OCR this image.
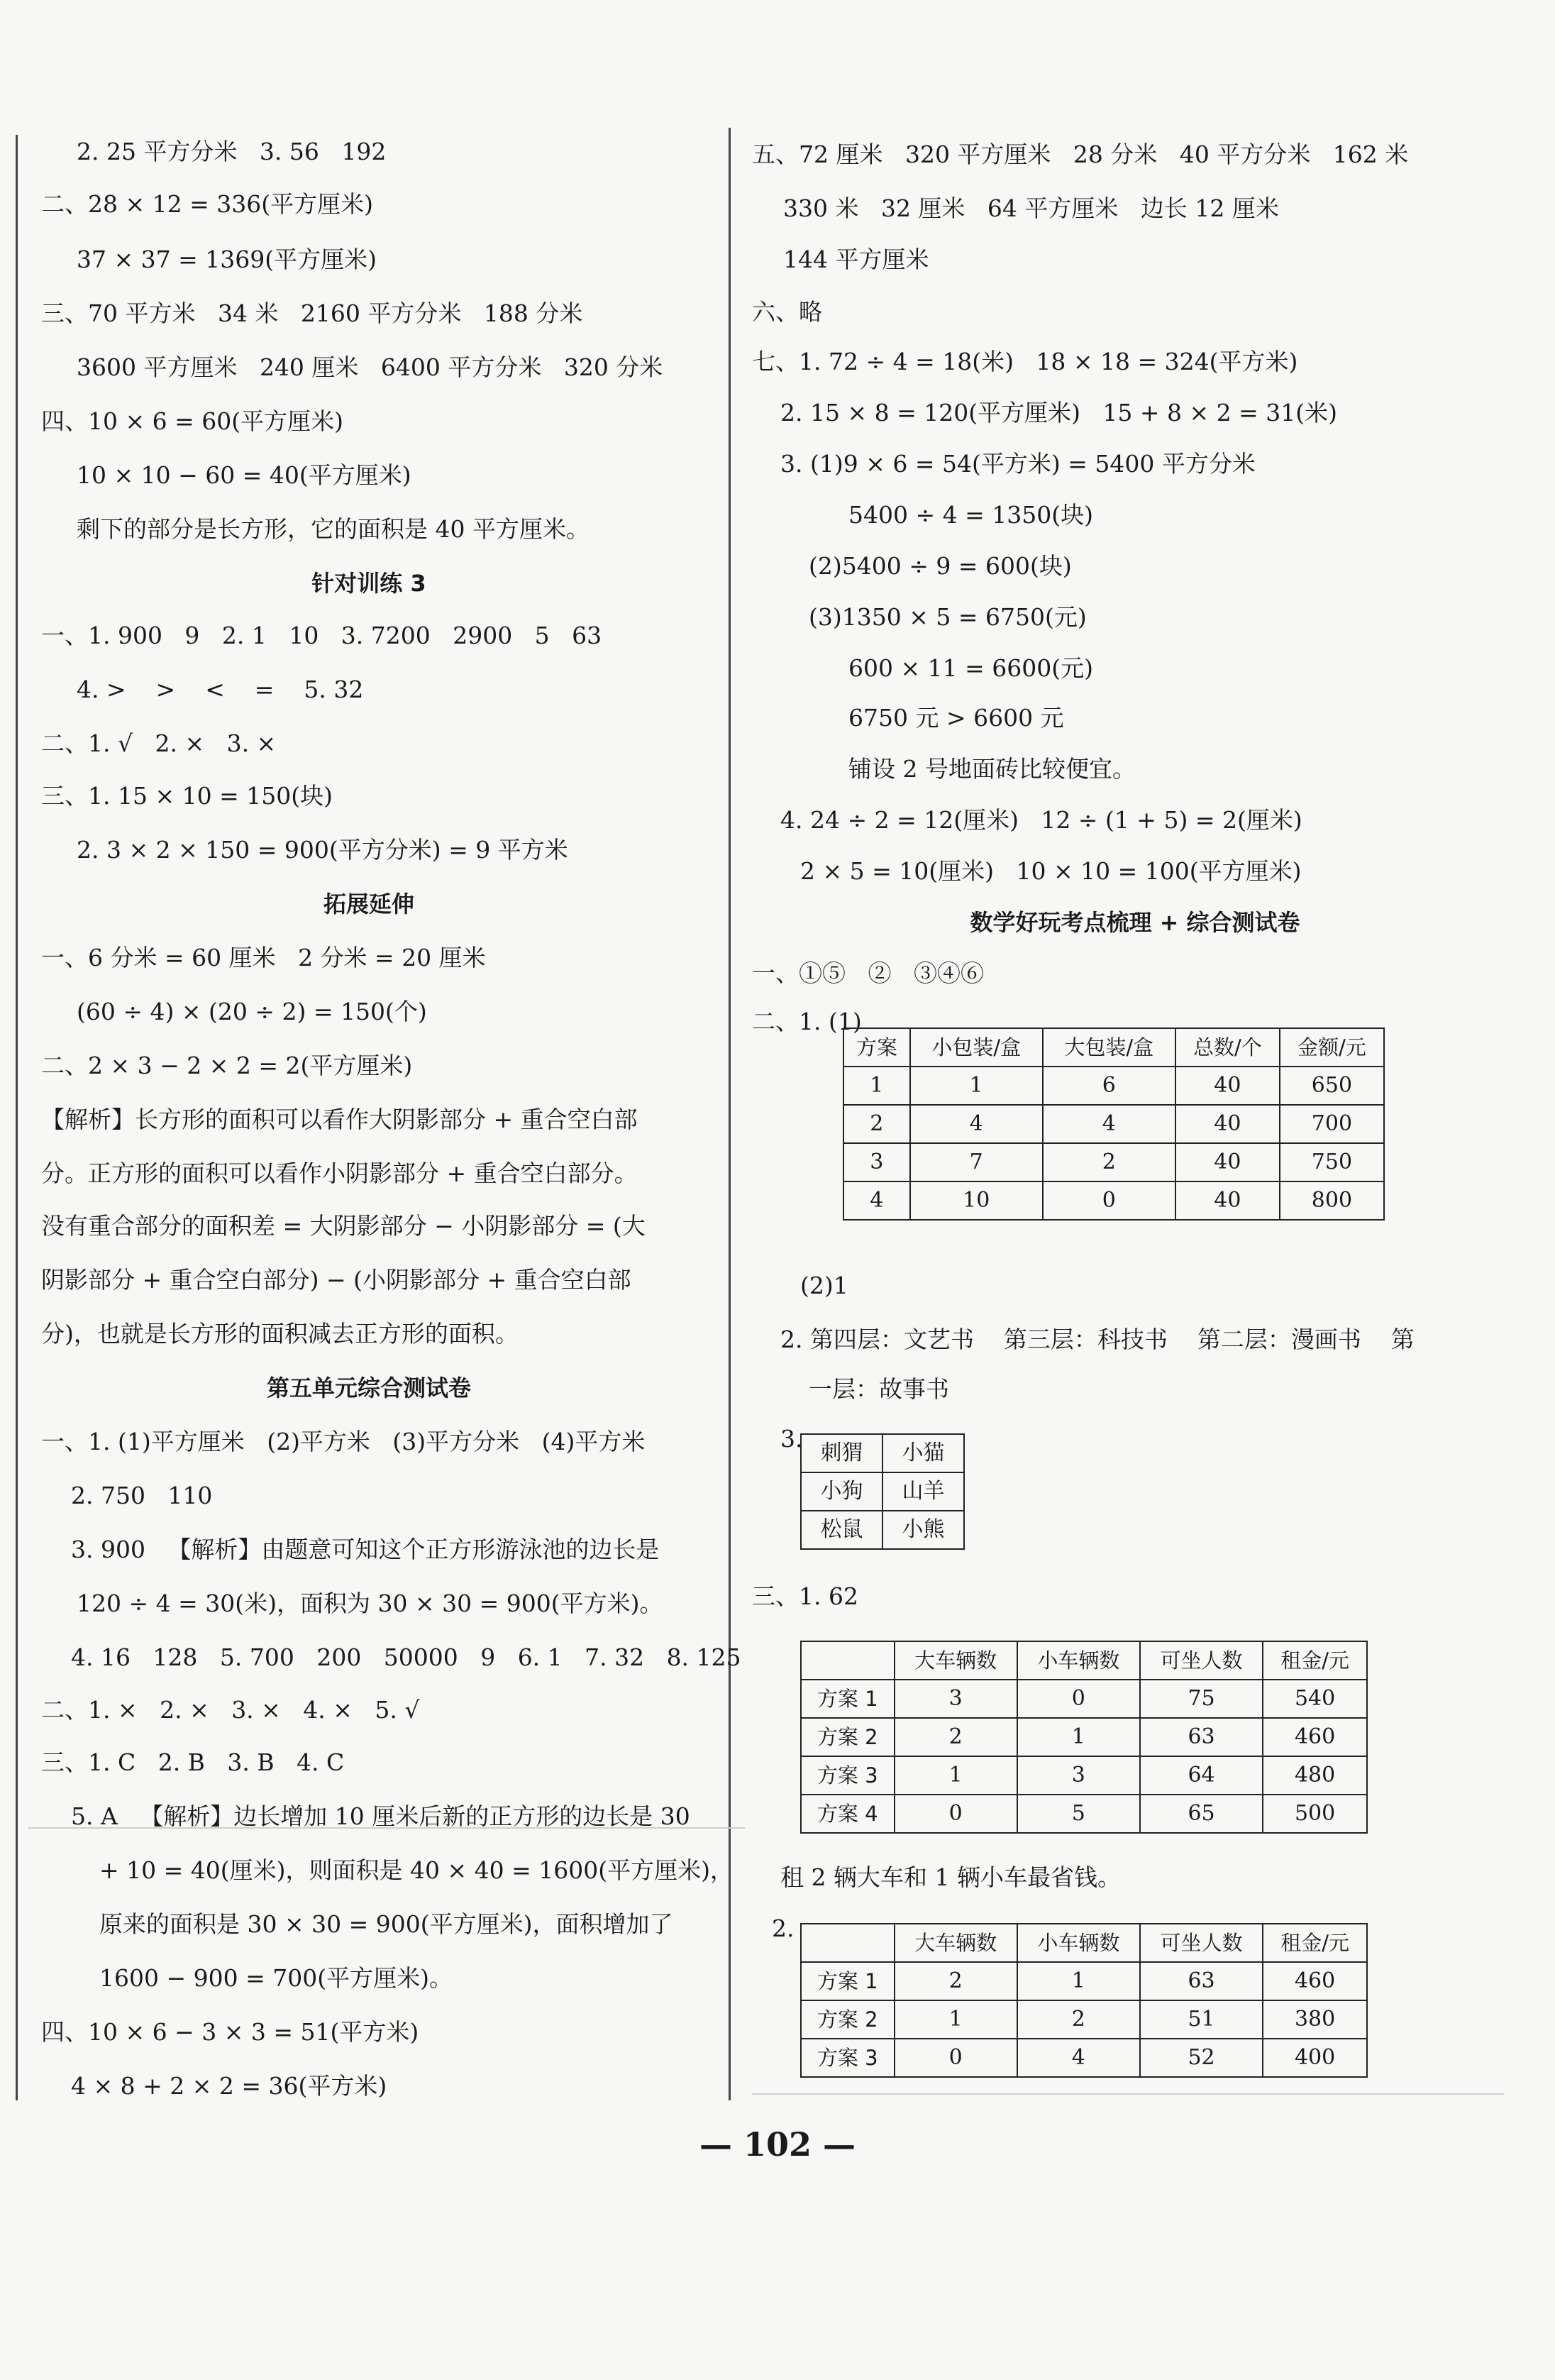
2. 25 平方分米   3. 56   192
二、28 × 12 = 336(平方厘米)
37 × 37 = 1369(平方厘米)
三、70 平方米   34 米   2160 平方分米   188 分米
3600 平方厘米   240 厘米   6400 平方分米   320 分米
四、10 × 6 = 60(平方厘米)
10 × 10 − 60 = 40(平方厘米)
剩下的部分是长方形，它的面积是 40 平方厘米。
针对训练 3
一、1. 900   9   2. 1   10   3. 7200   2900   5   63
4. >    >    <    =    5. 32
二、1. √   2. ×   3. ×
三、1. 15 × 10 = 150(块)
2. 3 × 2 × 150 = 900(平方分米) = 9 平方米
拓展延伸
一、6 分米 = 60 厘米   2 分米 = 20 厘米
(60 ÷ 4) × (20 ÷ 2) = 150(个)
二、2 × 3 − 2 × 2 = 2(平方厘米)
【解析】长方形的面积可以看作大阴影部分 + 重合空白部
分。正方形的面积可以看作小阴影部分 + 重合空白部分。
没有重合部分的面积差 = 大阴影部分 − 小阴影部分 = (大
阴影部分 + 重合空白部分) − (小阴影部分 + 重合空白部
分)，也就是长方形的面积减去正方形的面积。
第五单元综合测试卷
一、1. (1)平方厘米   (2)平方米   (3)平方分米   (4)平方米
2. 750   110
3. 900   【解析】由题意可知这个正方形游泳池的边长是
120 ÷ 4 = 30(米)，面积为 30 × 30 = 900(平方米)。
4. 16   128   5. 700   200   50000   9   6. 1   7. 32   8. 125
二、1. ×   2. ×   3. ×   4. ×   5. √
三、1. C   2. B   3. B   4. C
5. A   【解析】边长增加 10 厘米后新的正方形的边长是 30
+ 10 = 40(厘米)，则面积是 40 × 40 = 1600(平方厘米)，
原来的面积是 30 × 30 = 900(平方厘米)，面积增加了
1600 − 900 = 700(平方厘米)。
四、10 × 6 − 3 × 3 = 51(平方米)
4 × 8 + 2 × 2 = 36(平方米)
五、72 厘米   320 平方厘米   28 分米   40 平方分米   162 米
330 米   32 厘米   64 平方厘米   边长 12 厘米
144 平方厘米
六、略
七、1. 72 ÷ 4 = 18(米)   18 × 18 = 324(平方米)
2. 15 × 8 = 120(平方厘米)   15 + 8 × 2 = 31(米)
3. (1)9 × 6 = 54(平方米) = 5400 平方分米
5400 ÷ 4 = 1350(块)
(2)5400 ÷ 9 = 600(块)
(3)1350 × 5 = 6750(元)
600 × 11 = 6600(元)
6750 元 > 6600 元
铺设 2 号地面砖比较便宜。
4. 24 ÷ 2 = 12(厘米)   12 ÷ (1 + 5) = 2(厘米)
2 × 5 = 10(厘米)   10 × 10 = 100(平方厘米)
数学好玩考点梳理 + 综合测试卷
一、①⑤   ②   ③④⑥
二、1. (1)
方案	小包装/盒	大包装/盒	总数/个	金额/元
1	1	6	40	650
2	4	4	40	700
3	7	2	40	750
4	10	0	40	800
(2)1
2. 第四层：文艺书    第三层：科技书    第二层：漫画书    第
一层：故事书
3.
刺猬	小猫
小狗	山羊
松鼠	小熊
三、1. 62
	大车辆数	小车辆数	可坐人数	租金/元
方案 1	3	0	75	540
方案 2	2	1	63	460
方案 3	1	3	64	480
方案 4	0	5	65	500
租 2 辆大车和 1 辆小车最省钱。
2.
	大车辆数	小车辆数	可坐人数	租金/元
方案 1	2	1	63	460
方案 2	1	2	51	380
方案 3	0	4	52	400
— 102 —
